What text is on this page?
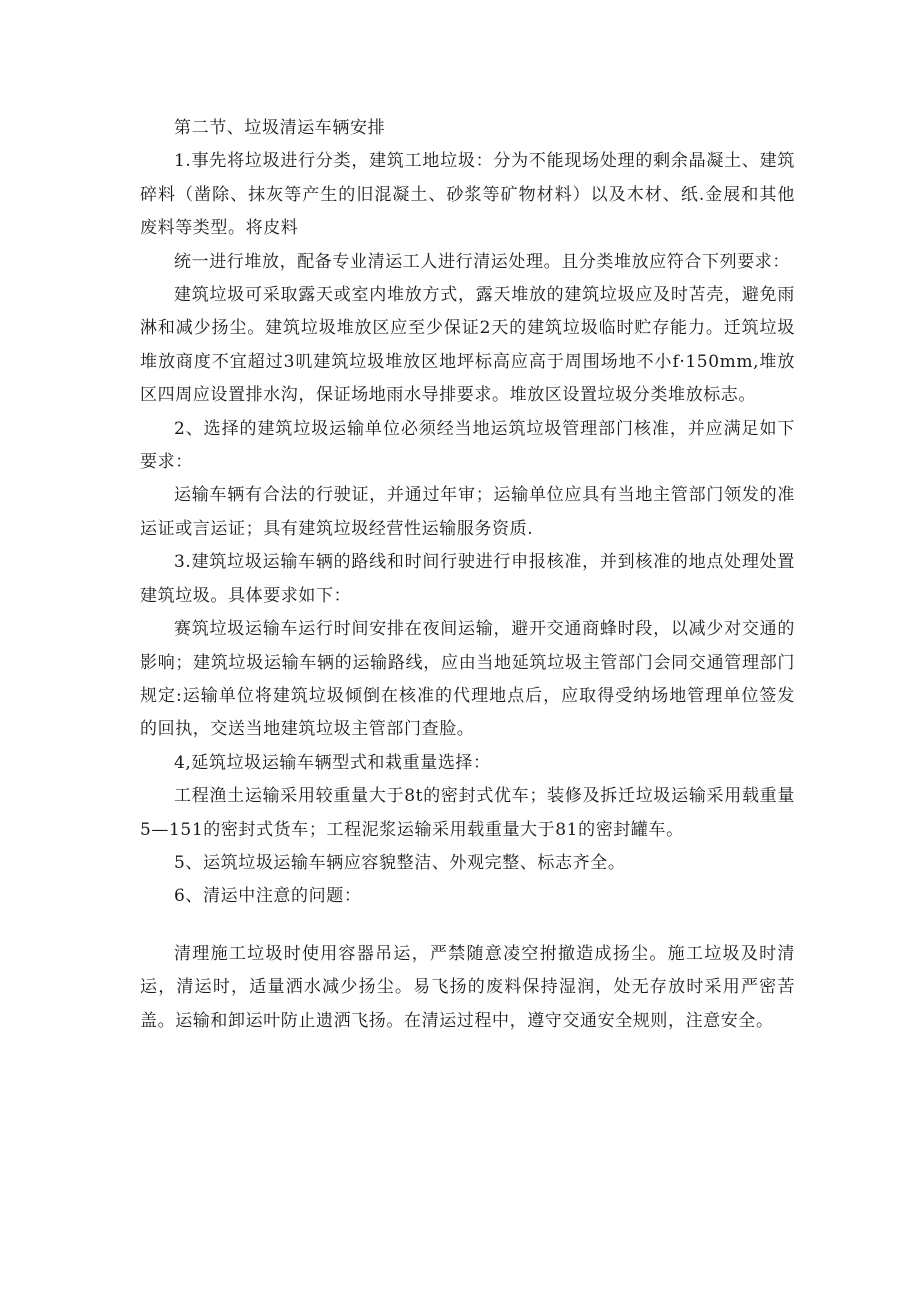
第二节、垃圾清运车辆安排

1.事先将垃圾进行分类，建筑工地垃圾：分为不能现场处理的剩余晶凝土、建筑碎料（凿除、抹灰等产生的旧混凝土、砂浆等矿物材料）以及木材、纸.金展和其他废料等类型。将皮料

统一进行堆放，配备专业清运工人进行清运处理。且分类堆放应符合下列要求：

建筑垃圾可采取露天或室内堆放方式，露天堆放的建筑垃圾应及时苫壳，避免雨淋和减少扬尘。建筑垃圾堆放区应至少保证2天的建筑垃圾临时贮存能力。迁筑垃圾堆放商度不宜超过3叽建筑垃圾堆放区地坪标高应高于周围场地不小f·150mm,堆放区四周应设置排水沟，保证场地雨水导排要求。堆放区设置垃圾分类堆放标志。

2、选择的建筑垃圾运输单位必须经当地运筑垃圾管理部门核准，并应满足如下要求：

运输车辆有合法的行驶证，并通过年审；运输单位应具有当地主管部门领发的准运证或言运证；具有建筑垃圾经营性运输服务资质.

3.建筑垃圾运输车辆的路线和时间行驶进行申报核准，并到核准的地点处理处置建筑垃圾。具体要求如下：

赛筑垃圾运输车运行时间安排在夜间运输，避开交通商蜂时段，以减少对交通的影响；建筑垃圾运输车辆的运输路线，应由当地延筑垃圾主管部门会同交通管理部门规定:运输单位将建筑垃圾倾倒在核准的代理地点后，应取得受纳场地管理单位签发的回执，交送当地建筑垃圾主管部门查脸。

4,延筑垃圾运输车辆型式和栽重量选择：

工程渔土运输采用较重量大于8t的密封式优车；装修及拆迁垃圾运输采用载重量5—151的密封式货车；工程泥浆运输采用载重量大于81的密封罐车。

5、运筑垃圾运输车辆应容貌整洁、外观完整、标志齐全。

6、清运中注意的问题：

清理施工垃圾时使用容器吊运，严禁随意凌空拊撤造成扬尘。施工垃圾及时清运，清运时，适量洒水减少扬尘。易飞扬的废料保持湿润，处无存放时采用严密苦盖。运输和卸运叶防止遗洒飞扬。在清运过程中，遵守交通安全规则，注意安全。
